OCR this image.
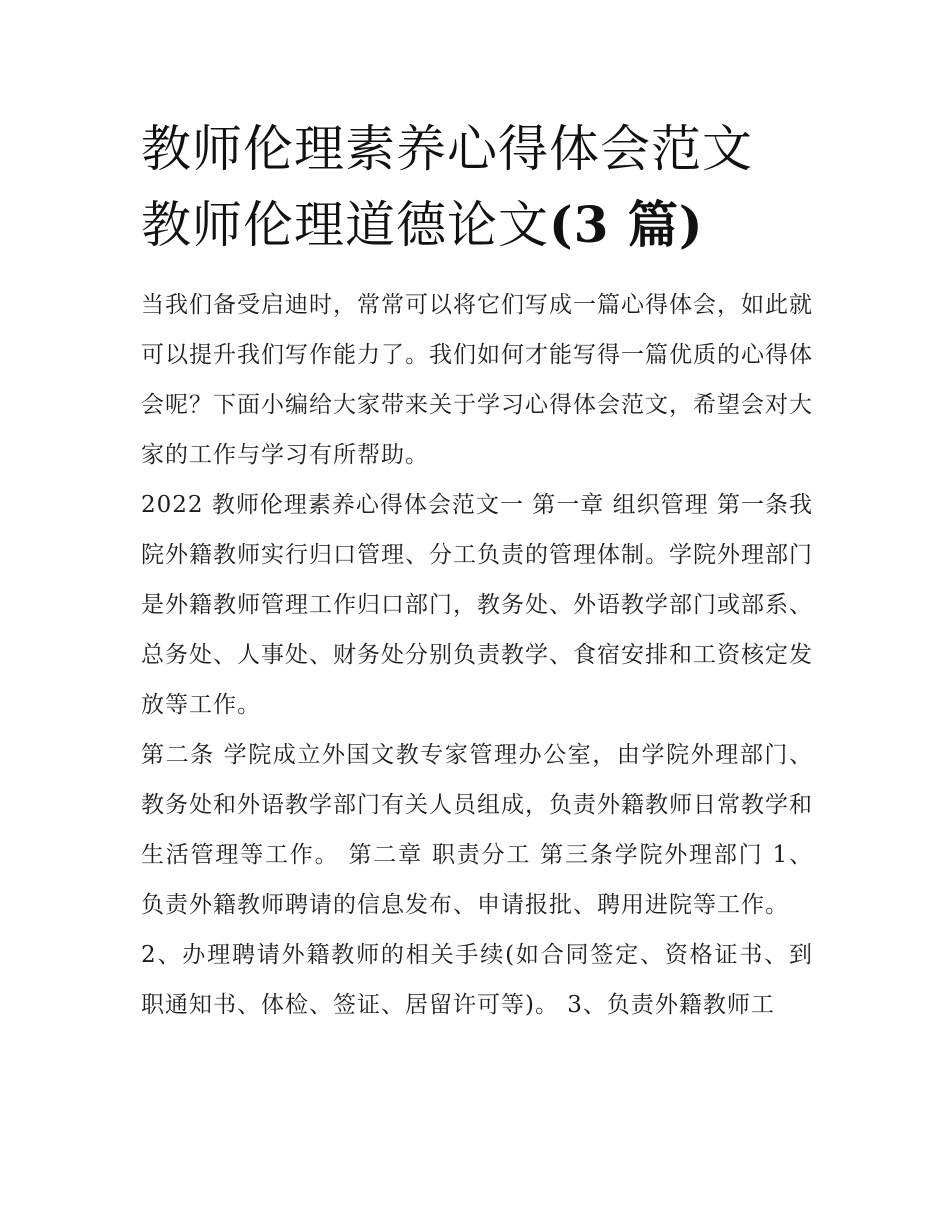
教师伦理素养心得体会范文 教师伦理道德论文(3 篇)

当我们备受启迪时，常常可以将它们写成一篇心得体会，如此就可以提升我们写作能力了。我们如何才能写得一篇优质的心得体会呢？下面小编给大家带来关于学习心得体会范文，希望会对大家的工作与学习有所帮助。

2022 教师伦理素养心得体会范文一 第一章 组织管理 第一条我院外籍教师实行归口管理、分工负责的管理体制。学院外理部门是外籍教师管理工作归口部门，教务处、外语教学部门或部系、总务处、人事处、财务处分别负责教学、食宿安排和工资核定发放等工作。

第二条 学院成立外国文教专家管理办公室，由学院外理部门、教务处和外语教学部门有关人员组成，负责外籍教师日常教学和生活管理等工作。 第二章 职责分工 第三条学院外理部门 1、负责外籍教师聘请的信息发布、申请报批、聘用进院等工作。

2、办理聘请外籍教师的相关手续(如合同签定、资格证书、到职通知书、体检、签证、居留许可等)。 3、负责外籍教师工
